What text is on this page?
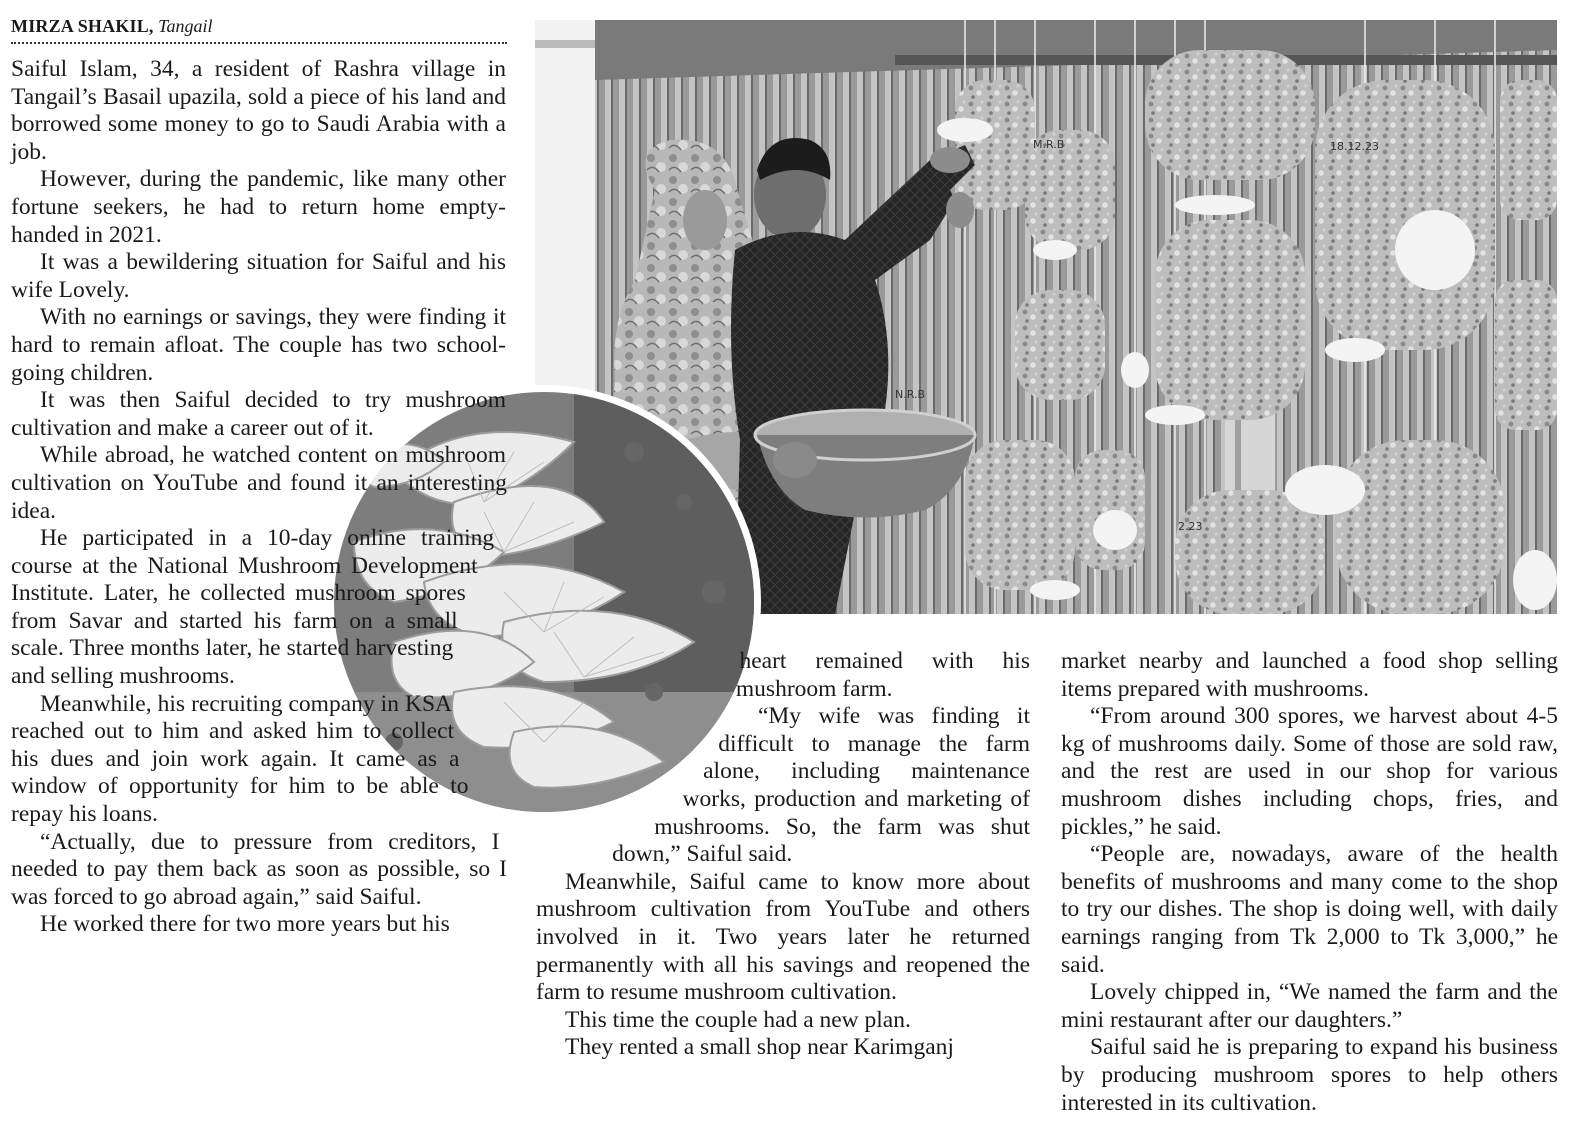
N.R.B
M.R.B	18.12.23
2.23
MIRZA SHAKIL, Tangail

Saiful Islam, 34, a resident of Rashra village in Tangail’s Basail upazila, sold a piece of his land and borrowed some money to go to Saudi Arabia with a job.

However, during the pandemic, like many other fortune seekers, he had to return home empty-handed in 2021.

It was a bewildering situation for Saiful and his wife Lovely.

With no earnings or savings, they were finding it hard to remain afloat. The couple has two school-going children.

It was then Saiful decided to try mushroom cultivation and make a career out of it.

While abroad, he watched content on mushroom cultivation on YouTube and found it an interesting idea.

He participated in a 10-day online training course at the National Mushroom Development Institute. Later, he collected mushroom spores from Savar and started his farm on a small scale. Three months later, he started harvesting and selling mushrooms.

Meanwhile, his recruiting company in KSA reached out to him and asked him to collect his dues and join work again. It came as a window of opportunity for him to be able to repay his loans.

“Actually, due to pressure from creditors, I needed to pay them back as soon as possible, so I was forced to go abroad again,” said Saiful.

He worked there for two more years but his

heart remained with his mushroom farm.

“My wife was finding it difficult to manage the farm alone, including maintenance works, production and marketing of mushrooms. So, the farm was shut down,” Saiful said.

Meanwhile, Saiful came to know more about mushroom cultivation from YouTube and others involved in it. Two years later he returned permanently with all his savings and reopened the farm to resume mushroom cultivation.

This time the couple had a new plan.

They rented a small shop near Karimganj

market nearby and launched a food shop selling items prepared with mushrooms.

“From around 300 spores, we harvest about 4-5 kg of mushrooms daily. Some of those are sold raw, and the rest are used in our shop for various mushroom dishes including chops, fries, and pickles,” he said.

“People are, nowadays, aware of the health benefits of mushrooms and many come to the shop to try our dishes. The shop is doing well, with daily earnings ranging from Tk 2,000 to Tk 3,000,” he said.

Lovely chipped in, “We named the farm and the mini restaurant after our daughters.”

Saiful said he is preparing to expand his business by producing mushroom spores to help others interested in its cultivation.
